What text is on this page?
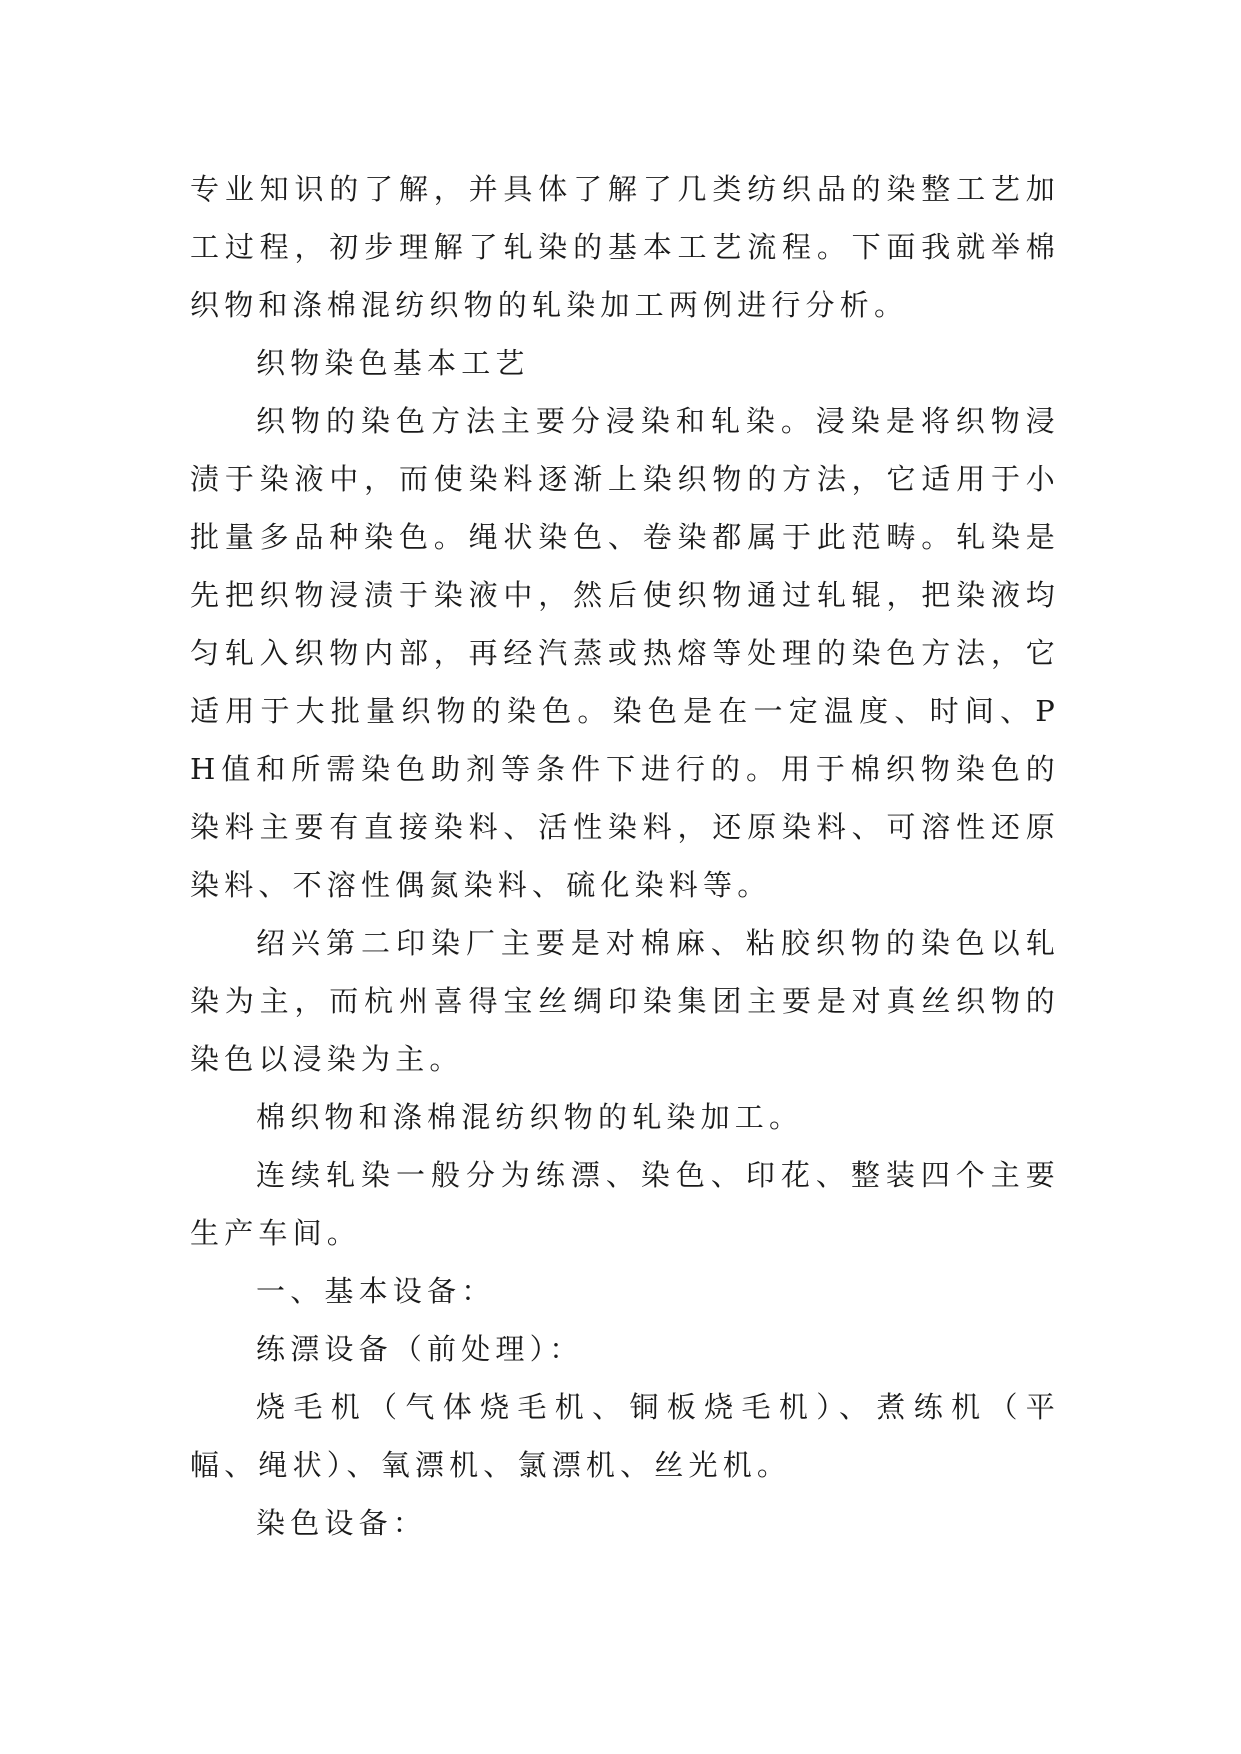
专业知识的了解，并具体了解了几类纺织品的染整工艺加工过程，初步理解了轧染的基本工艺流程。下面我就举棉织物和涤棉混纺织物的轧染加工两例进行分析。

织物染色基本工艺

织物的染色方法主要分浸染和轧染。浸染是将织物浸渍于染液中，而使染料逐渐上染织物的方法，它适用于小批量多品种染色。绳状染色、卷染都属于此范畴。轧染是先把织物浸渍于染液中，然后使织物通过轧辊，把染液均匀轧入织物内部，再经汽蒸或热熔等处理的染色方法，它适用于大批量织物的染色。染色是在一定温度、时间、PH值和所需染色助剂等条件下进行的。用于棉织物染色的染料主要有直接染料、活性染料，还原染料、可溶性还原染料、不溶性偶氮染料、硫化染料等。

绍兴第二印染厂主要是对棉麻、粘胶织物的染色以轧染为主，而杭州喜得宝丝绸印染集团主要是对真丝织物的染色以浸染为主。

棉织物和涤棉混纺织物的轧染加工。

连续轧染一般分为练漂、染色、印花、整装四个主要生产车间。

一、基本设备：

练漂设备（前处理）：

烧毛机（气体烧毛机、铜板烧毛机）、煮练机（平幅、绳状）、氧漂机、氯漂机、丝光机。

染色设备：
